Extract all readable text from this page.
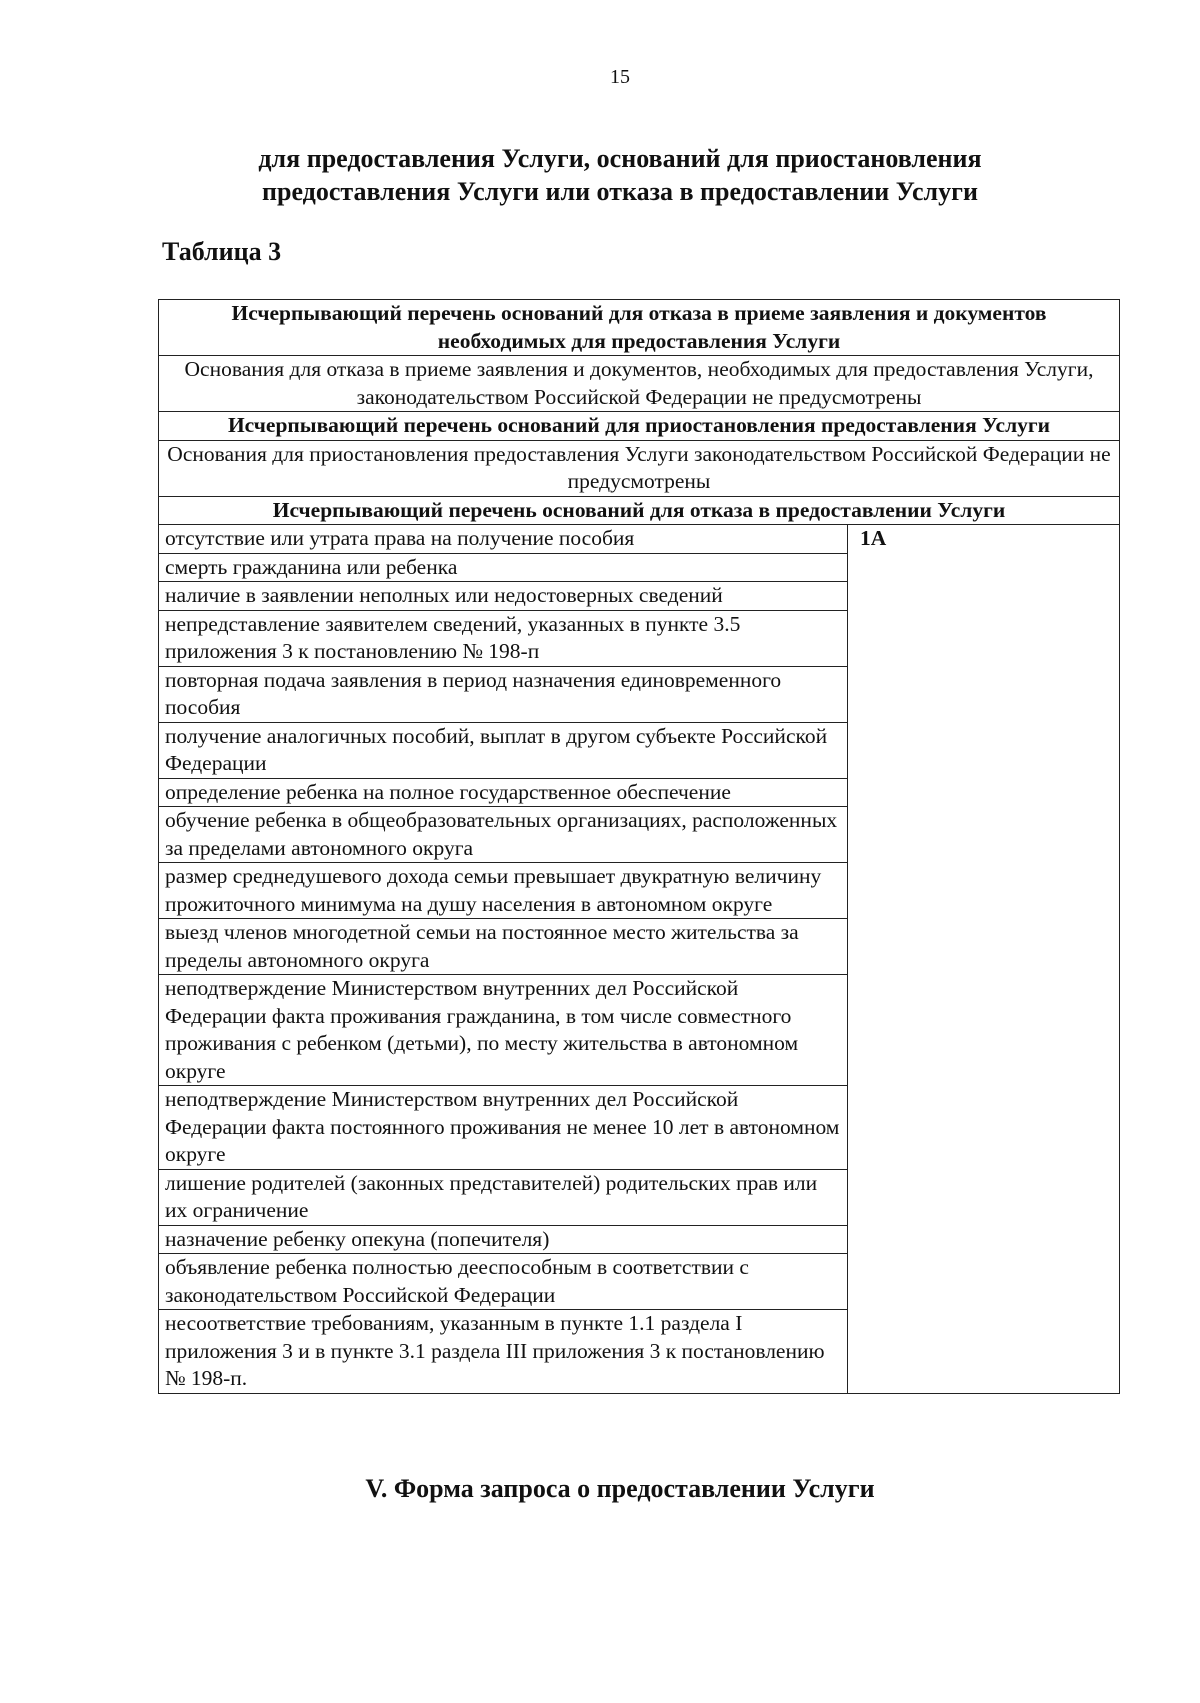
15
для предоставления Услуги, оснований для приостановления
предоставления Услуги или отказа в предоставлении Услуги
Таблица 3
Исчерпывающий перечень оснований для отказа в приеме заявления и документов необходимых для предоставления Услуги
Основания для отказа в приеме заявления и документов, необходимых для предоставления Услуги, законодательством Российской Федерации не предусмотрены
Исчерпывающий перечень оснований для приостановления предоставления Услуги
Основания для приостановления предоставления Услуги законодательством Российской Федерации не предусмотрены
Исчерпывающий перечень оснований для отказа в предоставлении Услуги
отсутствие или утрата права на получение пособия	1А
смерть гражданина или ребенка
наличие в заявлении неполных или недостоверных сведений
непредставление заявителем сведений, указанных в пункте 3.5 приложения 3 к постановлению № 198-п
повторная подача заявления в период назначения единовременного пособия
получение аналогичных пособий, выплат в другом субъекте Российской Федерации
определение ребенка на полное государственное обеспечение
обучение ребенка в общеобразовательных организациях, расположенных за пределами автономного округа
размер среднедушевого дохода семьи превышает двукратную величину прожиточного минимума на душу населения в автономном округе
выезд членов многодетной семьи на постоянное место жительства за пределы автономного округа
неподтверждение Министерством внутренних дел Российской Федерации факта проживания гражданина, в том числе совместного проживания с ребенком (детьми), по месту жительства в автономном округе
неподтверждение Министерством внутренних дел Российской Федерации факта постоянного проживания не менее 10 лет в автономном округе
лишение родителей (законных представителей) родительских прав или их ограничение
назначение ребенку опекуна (попечителя)
объявление ребенка полностью дееспособным в соответствии с законодательством Российской Федерации
несоответствие требованиям, указанным в пункте 1.1 раздела I приложения 3 и в пункте 3.1 раздела III приложения 3 к постановлению № 198-п.
V. Форма запроса о предоставлении Услуги
